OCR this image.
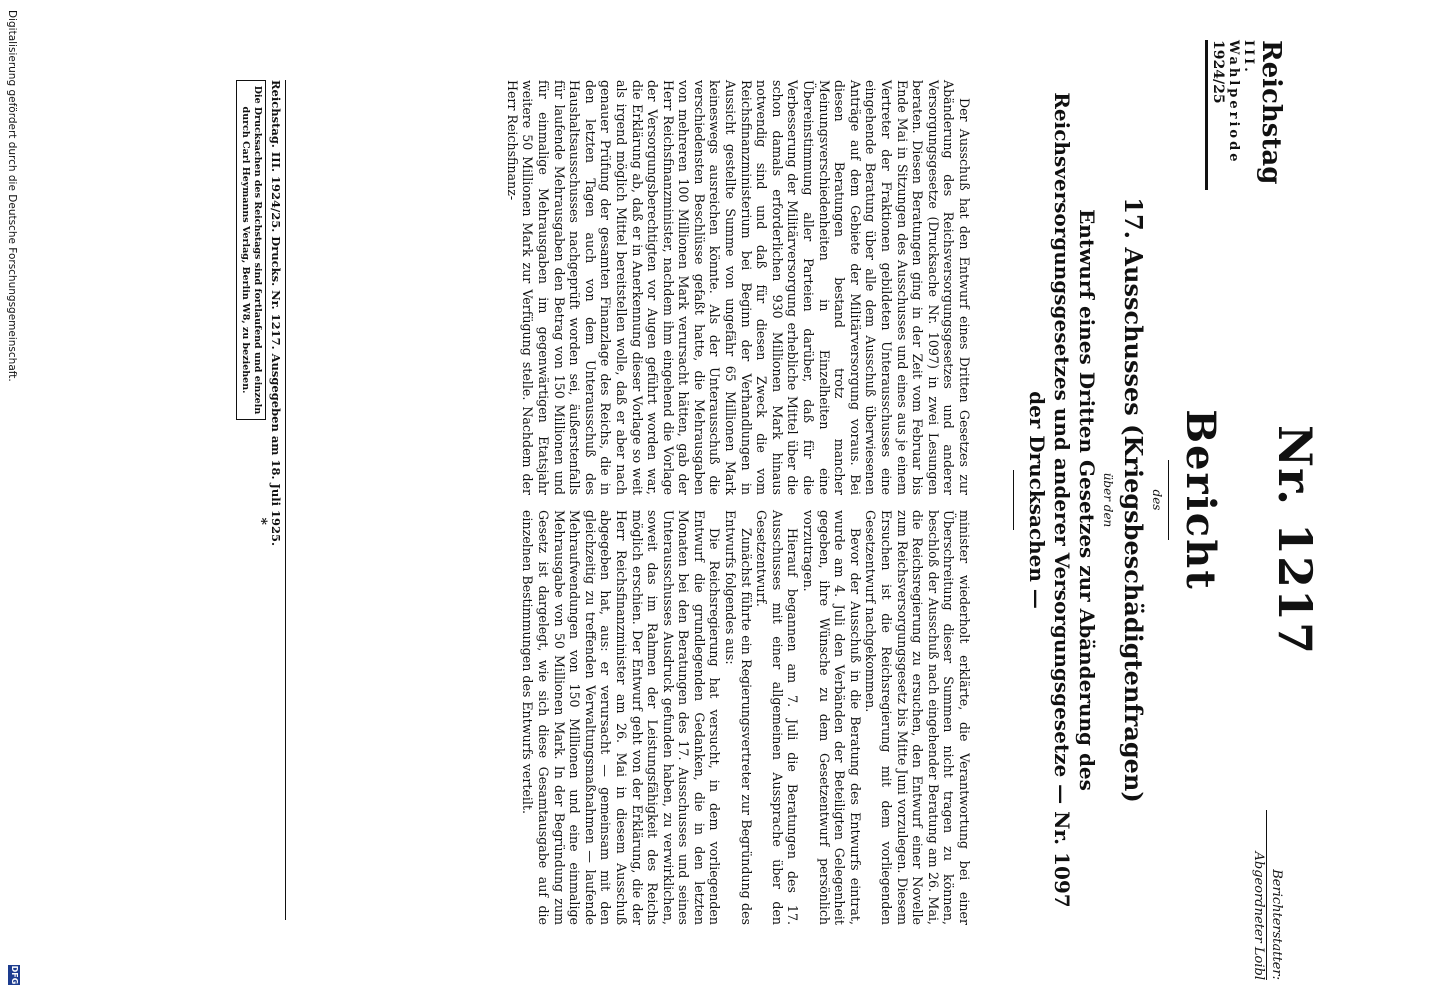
Reichstag
III. Wahlperiode
1924/25
Nr. 1217
Berichterstatter:
Abgeordneter Loibl
Bericht
des
17. Ausschusses (Kriegsbeschädigtenfragen)
über den
Entwurf eines Dritten Gesetzes zur Abänderung des Reichsversorgungsgesetzes und anderer Versorgungsgesetze — Nr. 1097 der Drucksachen —

Der Ausschuß hat den Entwurf eines Dritten Gesetzes zur Abänderung des Reichsversorgungsgesetzes und anderer Versorgungsgesetze (Drucksache Nr. 1097) in zwei Lesungen beraten. Diesen Beratungen ging in der Zeit vom Februar bis Ende Mai in Sitzungen des Ausschusses und eines aus je einem Vertreter der Fraktionen gebildeten Unterausschusses eine eingehende Beratung über alle dem Ausschuß überwiesenen Anträge auf dem Gebiete der Militärversorgung voraus. Bei diesen Beratungen bestand trotz mancher Meinungsverschiedenheiten in Einzelheiten eine Übereinstimmung aller Parteien darüber, daß für die Verbesserung der Militärversorgung erhebliche Mittel über die schon damals erforderlichen 930 Millionen Mark hinaus notwendig sind und daß für diesen Zweck die vom Reichsfinanzministerium bei Beginn der Verhandlungen in Aussicht gestellte Summe von ungefähr 65 Millionen Mark keineswegs ausreichen könnte. Als der Unterausschuß die verschiedensten Beschlüsse gefaßt hatte, die Mehrausgaben von mehreren 100 Millionen Mark verursacht hätten, gab der Herr Reichsfinanzminister, nachdem ihm eingehend die Vorlage der Versorgungsberechtigten vor Augen geführt worden war, die Erklärung ab, daß er in Anerkennung dieser Vorlage so weit als irgend möglich Mittel bereitstellen wolle, daß er aber nach genauer Prüfung der gesamten Finanzlage des Reichs, die in den letzten Tagen auch von dem Unterausschuß des Haushaltsausschusses nachgeprüft worden sei, äußerstenfalls für laufende Mehrausgaben den Betrag von 150 Millionen und für einmalige Mehrausgaben im gegenwärtigen Etatsjahr weitere 50 Millionen Mark zur Verfügung stelle. Nachdem der Herr Reichsfinanz-

minister wiederholt erklärte, die Verantwortung bei einer Überschreitung dieser Summen nicht tragen zu können, beschloß der Ausschuß nach eingehender Beratung am 26. Mai, die Reichsregierung zu ersuchen, den Entwurf einer Novelle zum Reichsversorgungsgesetz bis Mitte Juni vorzulegen. Diesem Ersuchen ist die Reichsregierung mit dem vorliegenden Gesetzentwurf nachgekommen.

Bevor der Ausschuß in die Beratung des Entwurfs eintrat, wurde am 4. Juli den Verbänden der Beteiligten Gelegenheit gegeben, ihre Wünsche zu dem Gesetzentwurf persönlich vorzutragen.

Hierauf begannen am 7. Juli die Beratungen des 17. Ausschusses mit einer allgemeinen Aussprache über den Gesetzentwurf.

Zunächst führte ein Regierungsvertreter zur Begründung des Entwurfs folgendes aus:

Die Reichsregierung hat versucht, in dem vorliegenden Entwurf die grundlegenden Gedanken, die in den letzten Monaten bei den Beratungen des 17. Ausschusses und seines Unterausschusses Ausdruck gefunden haben, zu verwirklichen, soweit das im Rahmen der Leistungsfähigkeit des Reichs möglich erschien. Der Entwurf geht von der Erklärung, die der Herr Reichsfinanzminister am 26. Mai in diesem Ausschuß abgegeben hat, aus: er verursacht — gemeinsam mit den gleichzeitig zu treffenden Verwaltungsmaßnahmen — laufende Mehraufwendungen von 150 Millionen und eine einmalige Mehrausgabe von 50 Millionen Mark. In der Begründung zum Gesetz ist dargelegt, wie sich diese Gesamtausgabe auf die einzelnen Bestimmungen des Entwurfs verteilt.

Reichstag. III. 1924/25. Drucks. Nr. 1217. Ausgegeben am 18. Juli 1925.
*
Die Drucksachen des Reichstags sind fortlaufend und einzeln durch Carl Heymanns Verlag, Berlin W8, zu beziehen.
Digitalisierung gefördert durch die Deutsche Forschungsgemeinschaft.
DFG
